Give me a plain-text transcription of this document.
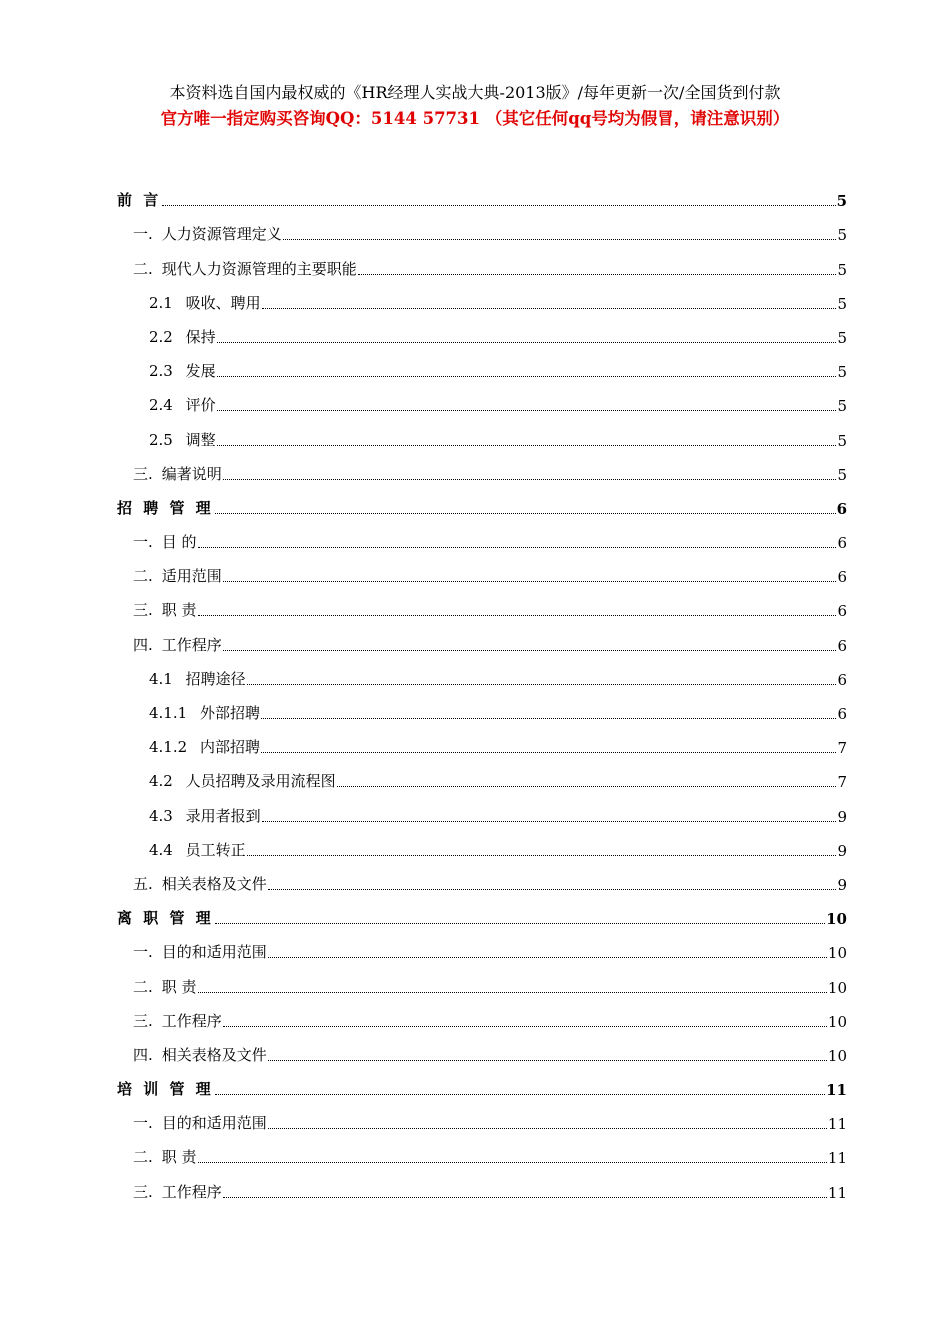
本资料选自国内最权威的《HR经理人实战大典-2013版》/每年更新一次/全国货到付款
官方唯一指定购买咨询QQ：5144 57731 （其它任何qq号均为假冒，请注意识别）
前 言	5
一. 人力资源管理定义	5
二. 现代人力资源管理的主要职能	5
2.1 吸收、聘用	5
2.2 保持	5
2.3 发展	5
2.4 评价	5
2.5 调整	5
三. 编著说明	5
招 聘 管 理	6
一. 目 的	6
二. 适用范围	6
三. 职 责	6
四. 工作程序	6
4.1 招聘途径	6
4.1.1 外部招聘	6
4.1.2 内部招聘	7
4.2 人员招聘及录用流程图	7
4.3 录用者报到	9
4.4 员工转正	9
五. 相关表格及文件	9
离 职 管 理	10
一. 目的和适用范围	10
二. 职 责	10
三. 工作程序	10
四. 相关表格及文件	10
培 训 管 理	11
一. 目的和适用范围	11
二. 职 责	11
三. 工作程序	11
